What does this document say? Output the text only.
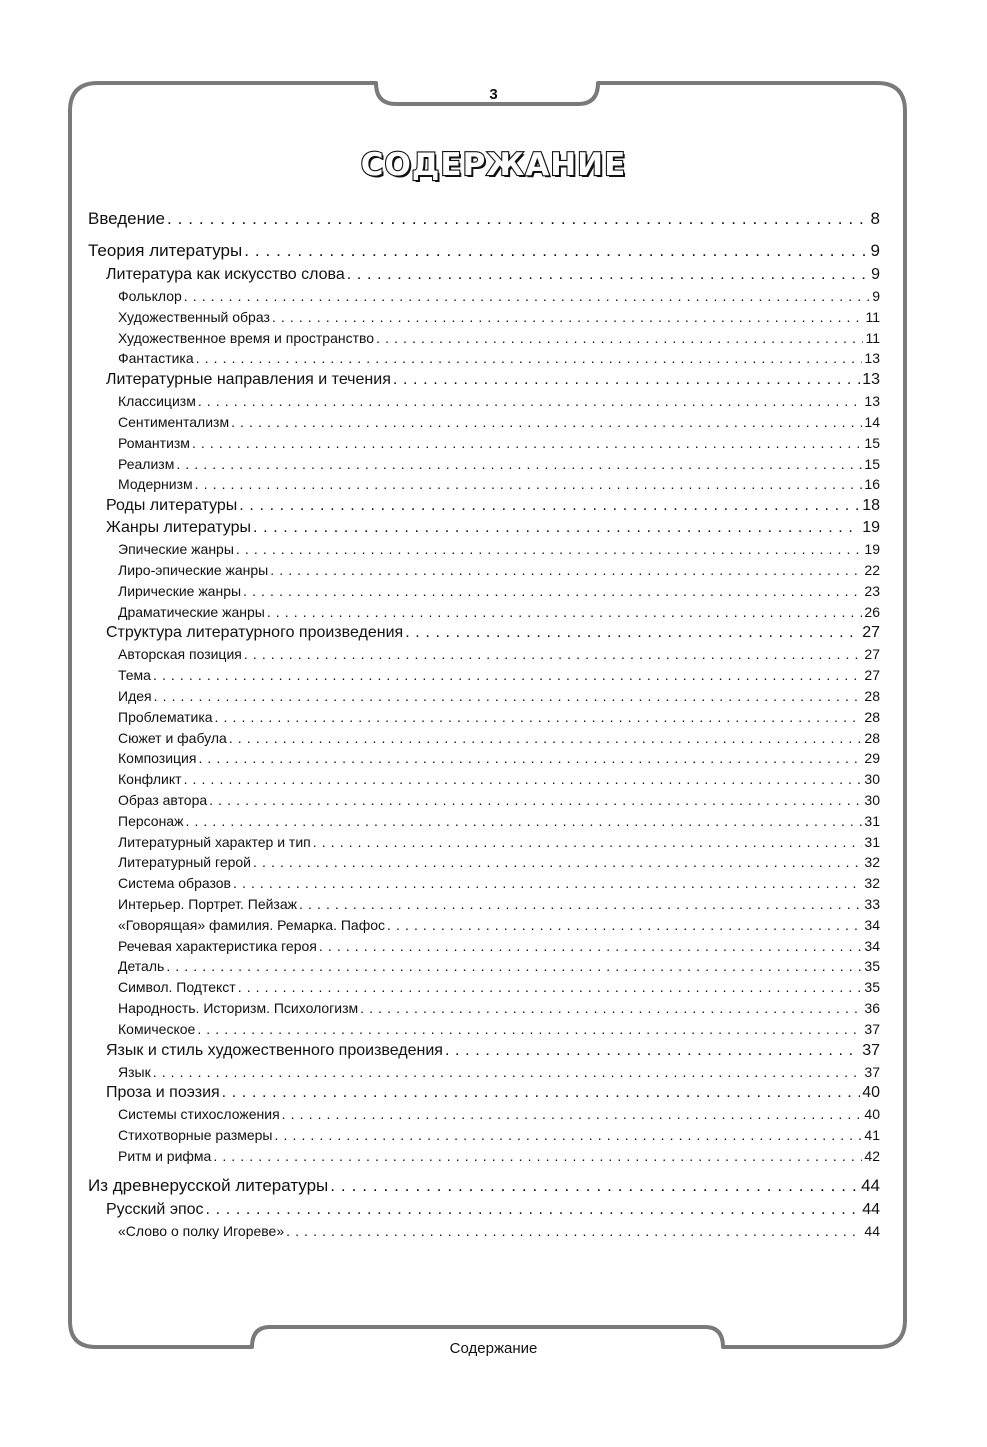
3
СОДЕРЖАНИЕ
Введение . . .	8
Теория литературы . . .	9
Литература как искусство слова . . .	9
Фольклор . . .	9
Художественный образ . . .	11
Художественное время и пространство . . .	11
Фантастика . . .	13
Литературные направления и течения . . .	13
Классицизм . . .	13
Сентиментализм . . .	14
Романтизм . . .	15
Реализм . . .	15
Модернизм . . .	16
Роды литературы . . .	18
Жанры литературы . . .	19
Эпические жанры . . .	19
Лиро-эпические жанры . . .	22
Лирические жанры . . .	23
Драматические жанры . . .	26
Структура литературного произведения . . .	27
Авторская позиция . . .	27
Тема . . .	27
Идея . . .	28
Проблематика . . .	28
Сюжет и фабула . . .	28
Композиция . . .	29
Конфликт . . .	30
Образ автора . . .	30
Персонаж . . .	31
Литературный характер и тип . . .	31
Литературный герой . . .	32
Система образов . . .	32
Интерьер. Портрет. Пейзаж . . .	33
«Говорящая» фамилия. Ремарка. Пафос . . .	34
Речевая характеристика героя . . .	34
Деталь . . .	35
Символ. Подтекст . . .	35
Народность. Историзм. Психологизм . . .	36
Комическое . . .	37
Язык и стиль художественного произведения . . .	37
Язык . . .	37
Проза и поэзия . . .	40
Системы стихосложения . . .	40
Стихотворные размеры . . .	41
Ритм и рифма . . .	42
Из древнерусской литературы . . .	44
Русский эпос . . .	44
«Слово о полку Игореве» . . .	44
Содержание
